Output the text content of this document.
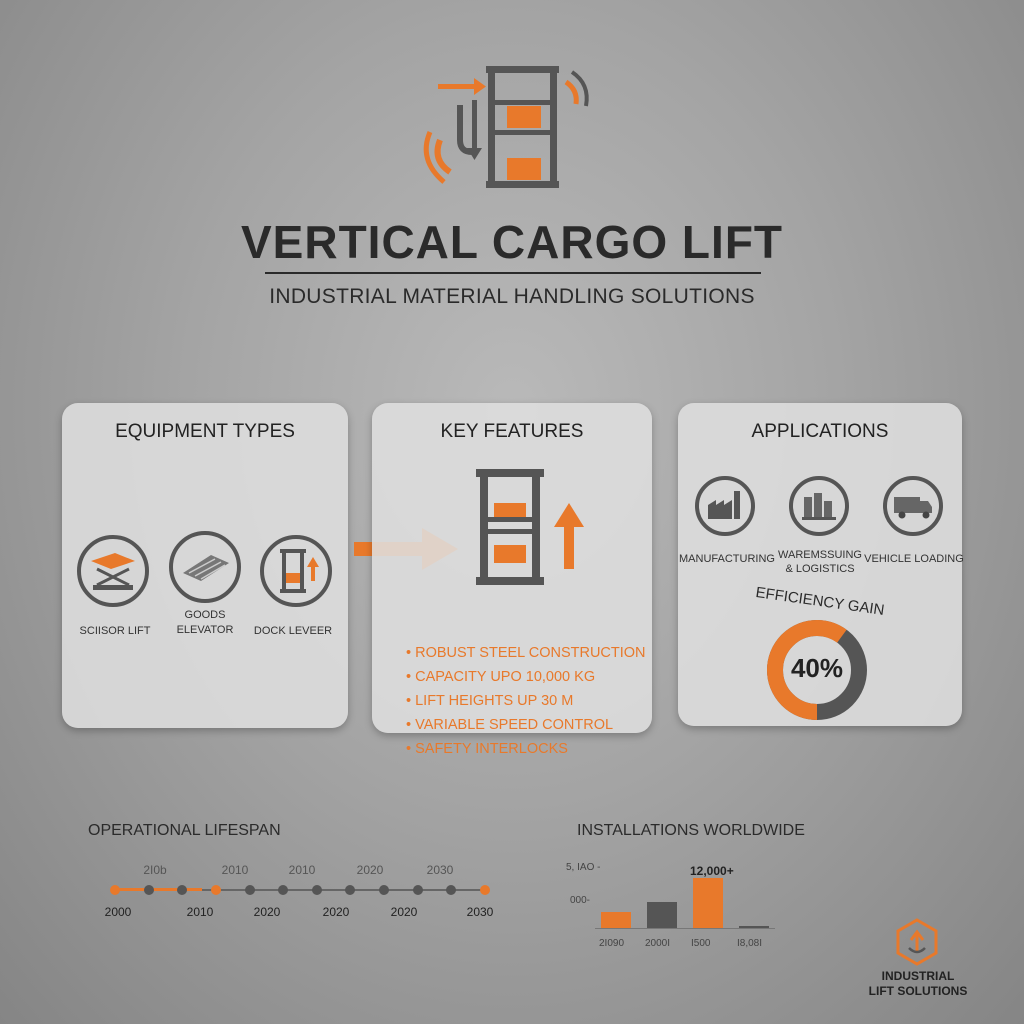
VERTICAL CARGO LIFT
INDUSTRIAL MATERIAL HANDLING SOLUTIONS
EQUIPMENT TYPES
SCIISOR LIFT
GOODS
ELEVATOR	DOCK LEVEER
KEY FEATURES
• ROBUST STEEL CONSTRUCTION
• CAPACITY UPO 10,000 KG
• LIFT HEIGHTS UP 30 M
• VARIABLE SPEED CONTROL
• SAFETY INTERLOCKS
APPLICATIONS
MANUFACTURING WAREMSSUING
& LOGISTICS
VEHICLE LOADING
EFFICIENCY GAIN
40%
OPERATIONAL LIFESPAN
2I0b	2010	2010	2020	2030
2000	2010	2020	2020	2020	2030
INSTALLATIONS WORLDWIDE
5, IAO -
000-
12,000+
2I090 2000I I500	I8,08I
INDUSTRIAL
LIFT SOLUTIONS
